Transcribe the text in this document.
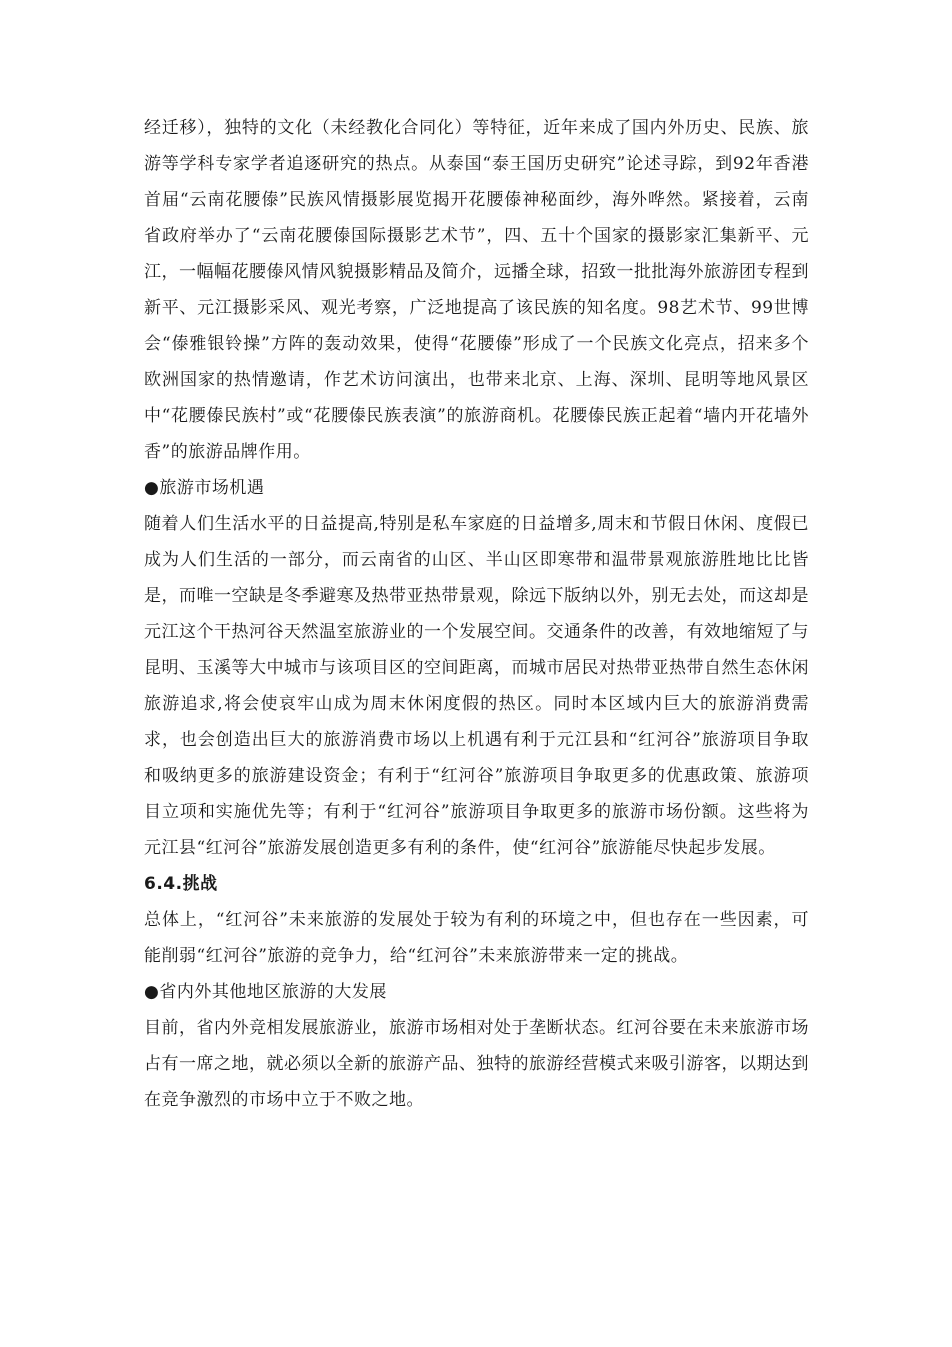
经迁移），独特的文化（未经教化合同化）等特征，近年来成了国内外历史、民族、旅游等学科专家学者追逐研究的热点。从泰国“泰王国历史研究”论述寻踪，到92年香港首届“云南花腰傣”民族风情摄影展览揭开花腰傣神秘面纱，海外哗然。紧接着，云南省政府举办了“云南花腰傣国际摄影艺术节”，四、五十个国家的摄影家汇集新平、元江，一幅幅花腰傣风情风貌摄影精品及简介，远播全球，招致一批批海外旅游团专程到新平、元江摄影采风、观光考察，广泛地提高了该民族的知名度。98艺术节、99世博会“傣雅银铃操”方阵的轰动效果，使得“花腰傣”形成了一个民族文化亮点，招来多个欧洲国家的热情邀请，作艺术访问演出，也带来北京、上海、深圳、昆明等地风景区中“花腰傣民族村”或“花腰傣民族表演”的旅游商机。花腰傣民族正起着“墙内开花墙外香”的旅游品牌作用。

●旅游市场机遇

随着人们生活水平的日益提高,特别是私车家庭的日益增多,周末和节假日休闲、度假已成为人们生活的一部分，而云南省的山区、半山区即寒带和温带景观旅游胜地比比皆是，而唯一空缺是冬季避寒及热带亚热带景观，除远下版纳以外，别无去处，而这却是元江这个干热河谷天然温室旅游业的一个发展空间。交通条件的改善，有效地缩短了与昆明、玉溪等大中城市与该项目区的空间距离，而城市居民对热带亚热带自然生态休闲旅游追求,将会使哀牢山成为周末休闲度假的热区。同时本区域内巨大的旅游消费需求，也会创造出巨大的旅游消费市场以上机遇有利于元江县和“红河谷”旅游项目争取和吸纳更多的旅游建设资金；有利于“红河谷”旅游项目争取更多的优惠政策、旅游项目立项和实施优先等；有利于“红河谷”旅游项目争取更多的旅游市场份额。这些将为元江县“红河谷”旅游发展创造更多有利的条件，使“红河谷”旅游能尽快起步发展。

6.4.挑战

总体上，“红河谷”未来旅游的发展处于较为有利的环境之中，但也存在一些因素，可能削弱“红河谷”旅游的竞争力，给“红河谷”未来旅游带来一定的挑战。

●省内外其他地区旅游的大发展

目前，省内外竞相发展旅游业，旅游市场相对处于垄断状态。红河谷要在未来旅游市场占有一席之地，就必须以全新的旅游产品、独特的旅游经营模式来吸引游客，以期达到在竞争激烈的市场中立于不败之地。
